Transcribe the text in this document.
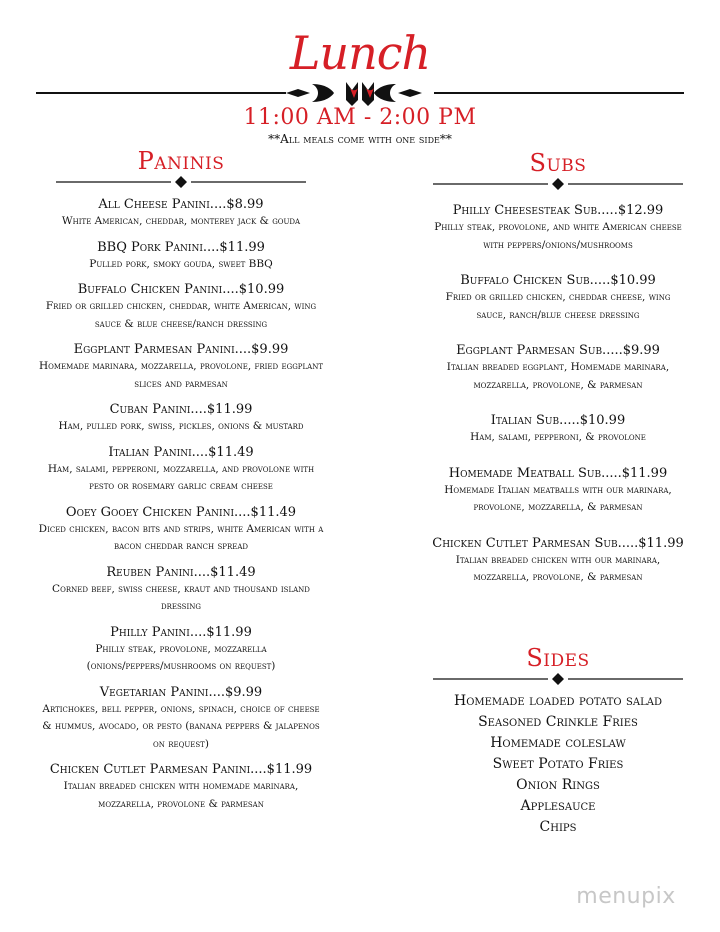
Lunch
11:00 AM - 2:00 PM
**All meals come with one side**
Paninis
All Cheese Panini....$8.99
White American, cheddar, monterey jack & gouda
BBQ Pork Panini....$11.99
Pulled pork, smoky gouda, sweet BBQ
Buffalo Chicken Panini....$10.99
Fried or grilled chicken, cheddar, white American, wing sauce & blue cheese/ranch dressing
Eggplant Parmesan Panini....$9.99
Homemade marinara, mozzarella, provolone, fried eggplant slices and parmesan
Cuban Panini....$11.99
Ham, pulled pork, swiss, pickles, onions & mustard
Italian Panini....$11.49
Ham, salami, pepperoni, mozzarella, and provolone with pesto or rosemary garlic cream cheese
Ooey Gooey Chicken Panini....$11.49
Diced chicken, bacon bits and strips, white American with a bacon cheddar ranch spread
Reuben Panini....$11.49
Corned beef, swiss cheese, kraut and thousand island dressing
Philly Panini....$11.99
Philly steak, provolone, mozzarella (onions/peppers/mushrooms on request)
Vegetarian Panini....$9.99
Artichokes, bell pepper, onions, spinach, choice of cheese & hummus, avocado, or pesto (banana peppers & jalapenos on request)
Chicken Cutlet Parmesan Panini....$11.99
Italian breaded chicken with homemade marinara, mozzarella, provolone & parmesan
Subs
Philly Cheesesteak Sub.....$12.99
Philly steak, provolone, and white American cheese with peppers/onions/mushrooms
Buffalo Chicken Sub.....$10.99
Fried or grilled chicken, cheddar cheese, wing sauce, ranch/blue cheese dressing
Eggplant Parmesan Sub.....$9.99
Italian breaded eggplant, Homemade marinara, mozzarella, provolone, & parmesan
Italian Sub.....$10.99
Ham, salami, pepperoni, & provolone
Homemade Meatball Sub.....$11.99
Homemade Italian meatballs with our marinara, provolone, mozzarella, & parmesan
Chicken Cutlet Parmesan Sub.....$11.99
Italian breaded chicken with our marinara, mozzarella, provolone, & parmesan
Sides
Homemade loaded potato salad
Seasoned Crinkle Fries
Homemade coleslaw
Sweet Potato Fries
Onion Rings
Applesauce
Chips
menupix
